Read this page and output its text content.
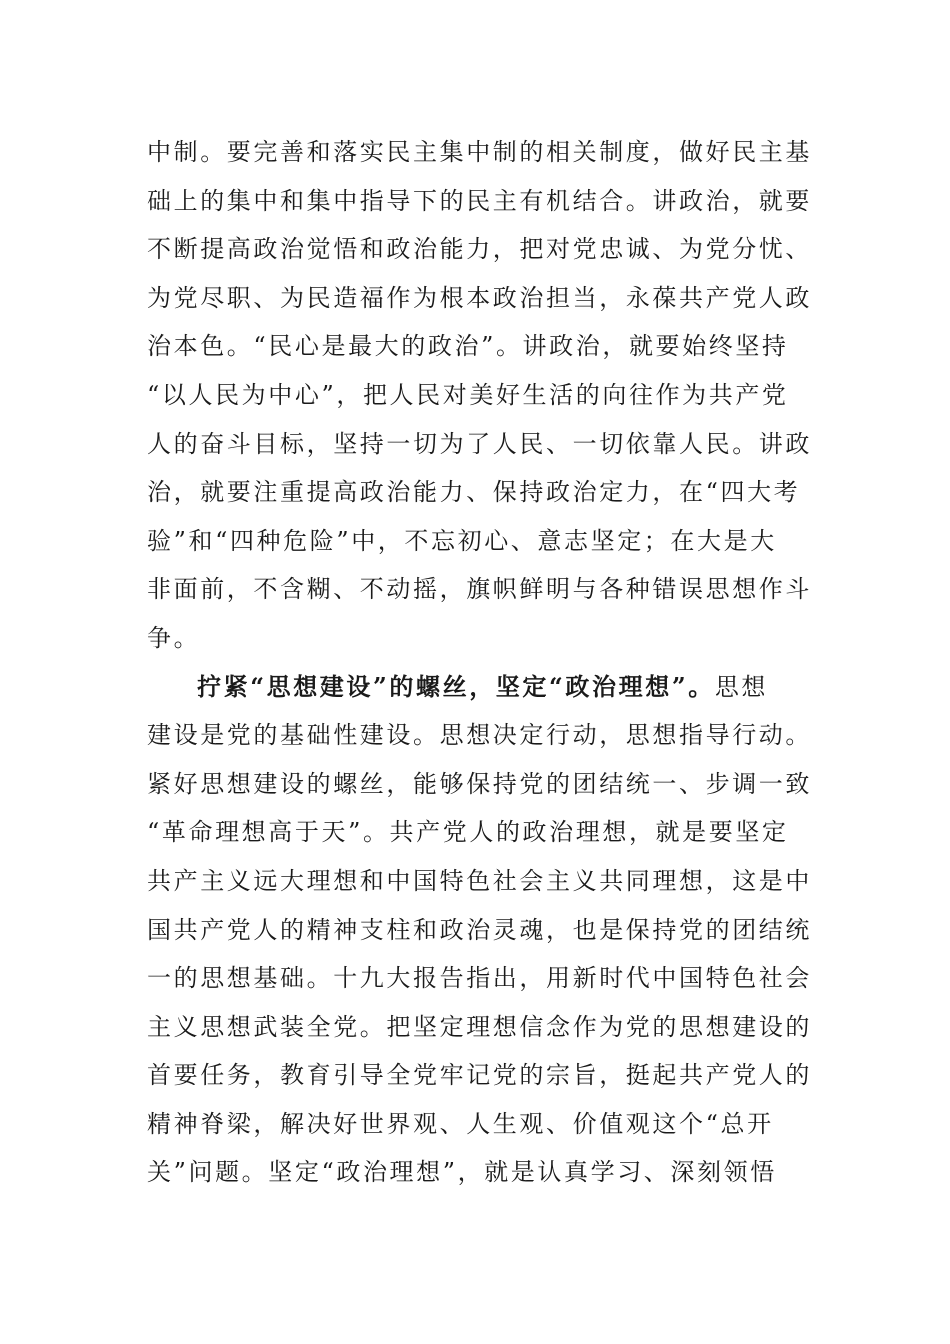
中制。要完善和落实民主集中制的相关制度，做好民主基
础上的集中和集中指导下的民主有机结合。讲政治，就要
不断提高政治觉悟和政治能力，把对党忠诚、为党分忧、
为党尽职、为民造福作为根本政治担当，永葆共产党人政
治本色。“民心是最大的政治”。讲政治，就要始终坚持
“以人民为中心”，把人民对美好生活的向往作为共产党
人的奋斗目标，坚持一切为了人民、一切依靠人民。讲政
治，就要注重提高政治能力、保持政治定力，在“四大考
验”和“四种危险”中，不忘初心、意志坚定；在大是大
非面前，不含糊、不动摇，旗帜鲜明与各种错误思想作斗
争。
拧紧“思想建设”的螺丝，坚定“政治理想”。思想
建设是党的基础性建设。思想决定行动，思想指导行动。
紧好思想建设的螺丝，能够保持党的团结统一、步调一致
“革命理想高于天”。共产党人的政治理想，就是要坚定
共产主义远大理想和中国特色社会主义共同理想，这是中
国共产党人的精神支柱和政治灵魂，也是保持党的团结统
一的思想基础。十九大报告指出，用新时代中国特色社会
主义思想武装全党。把坚定理想信念作为党的思想建设的
首要任务，教育引导全党牢记党的宗旨，挺起共产党人的
精神脊梁，解决好世界观、人生观、价值观这个“总开
关”问题。坚定“政治理想”，就是认真学习、深刻领悟
